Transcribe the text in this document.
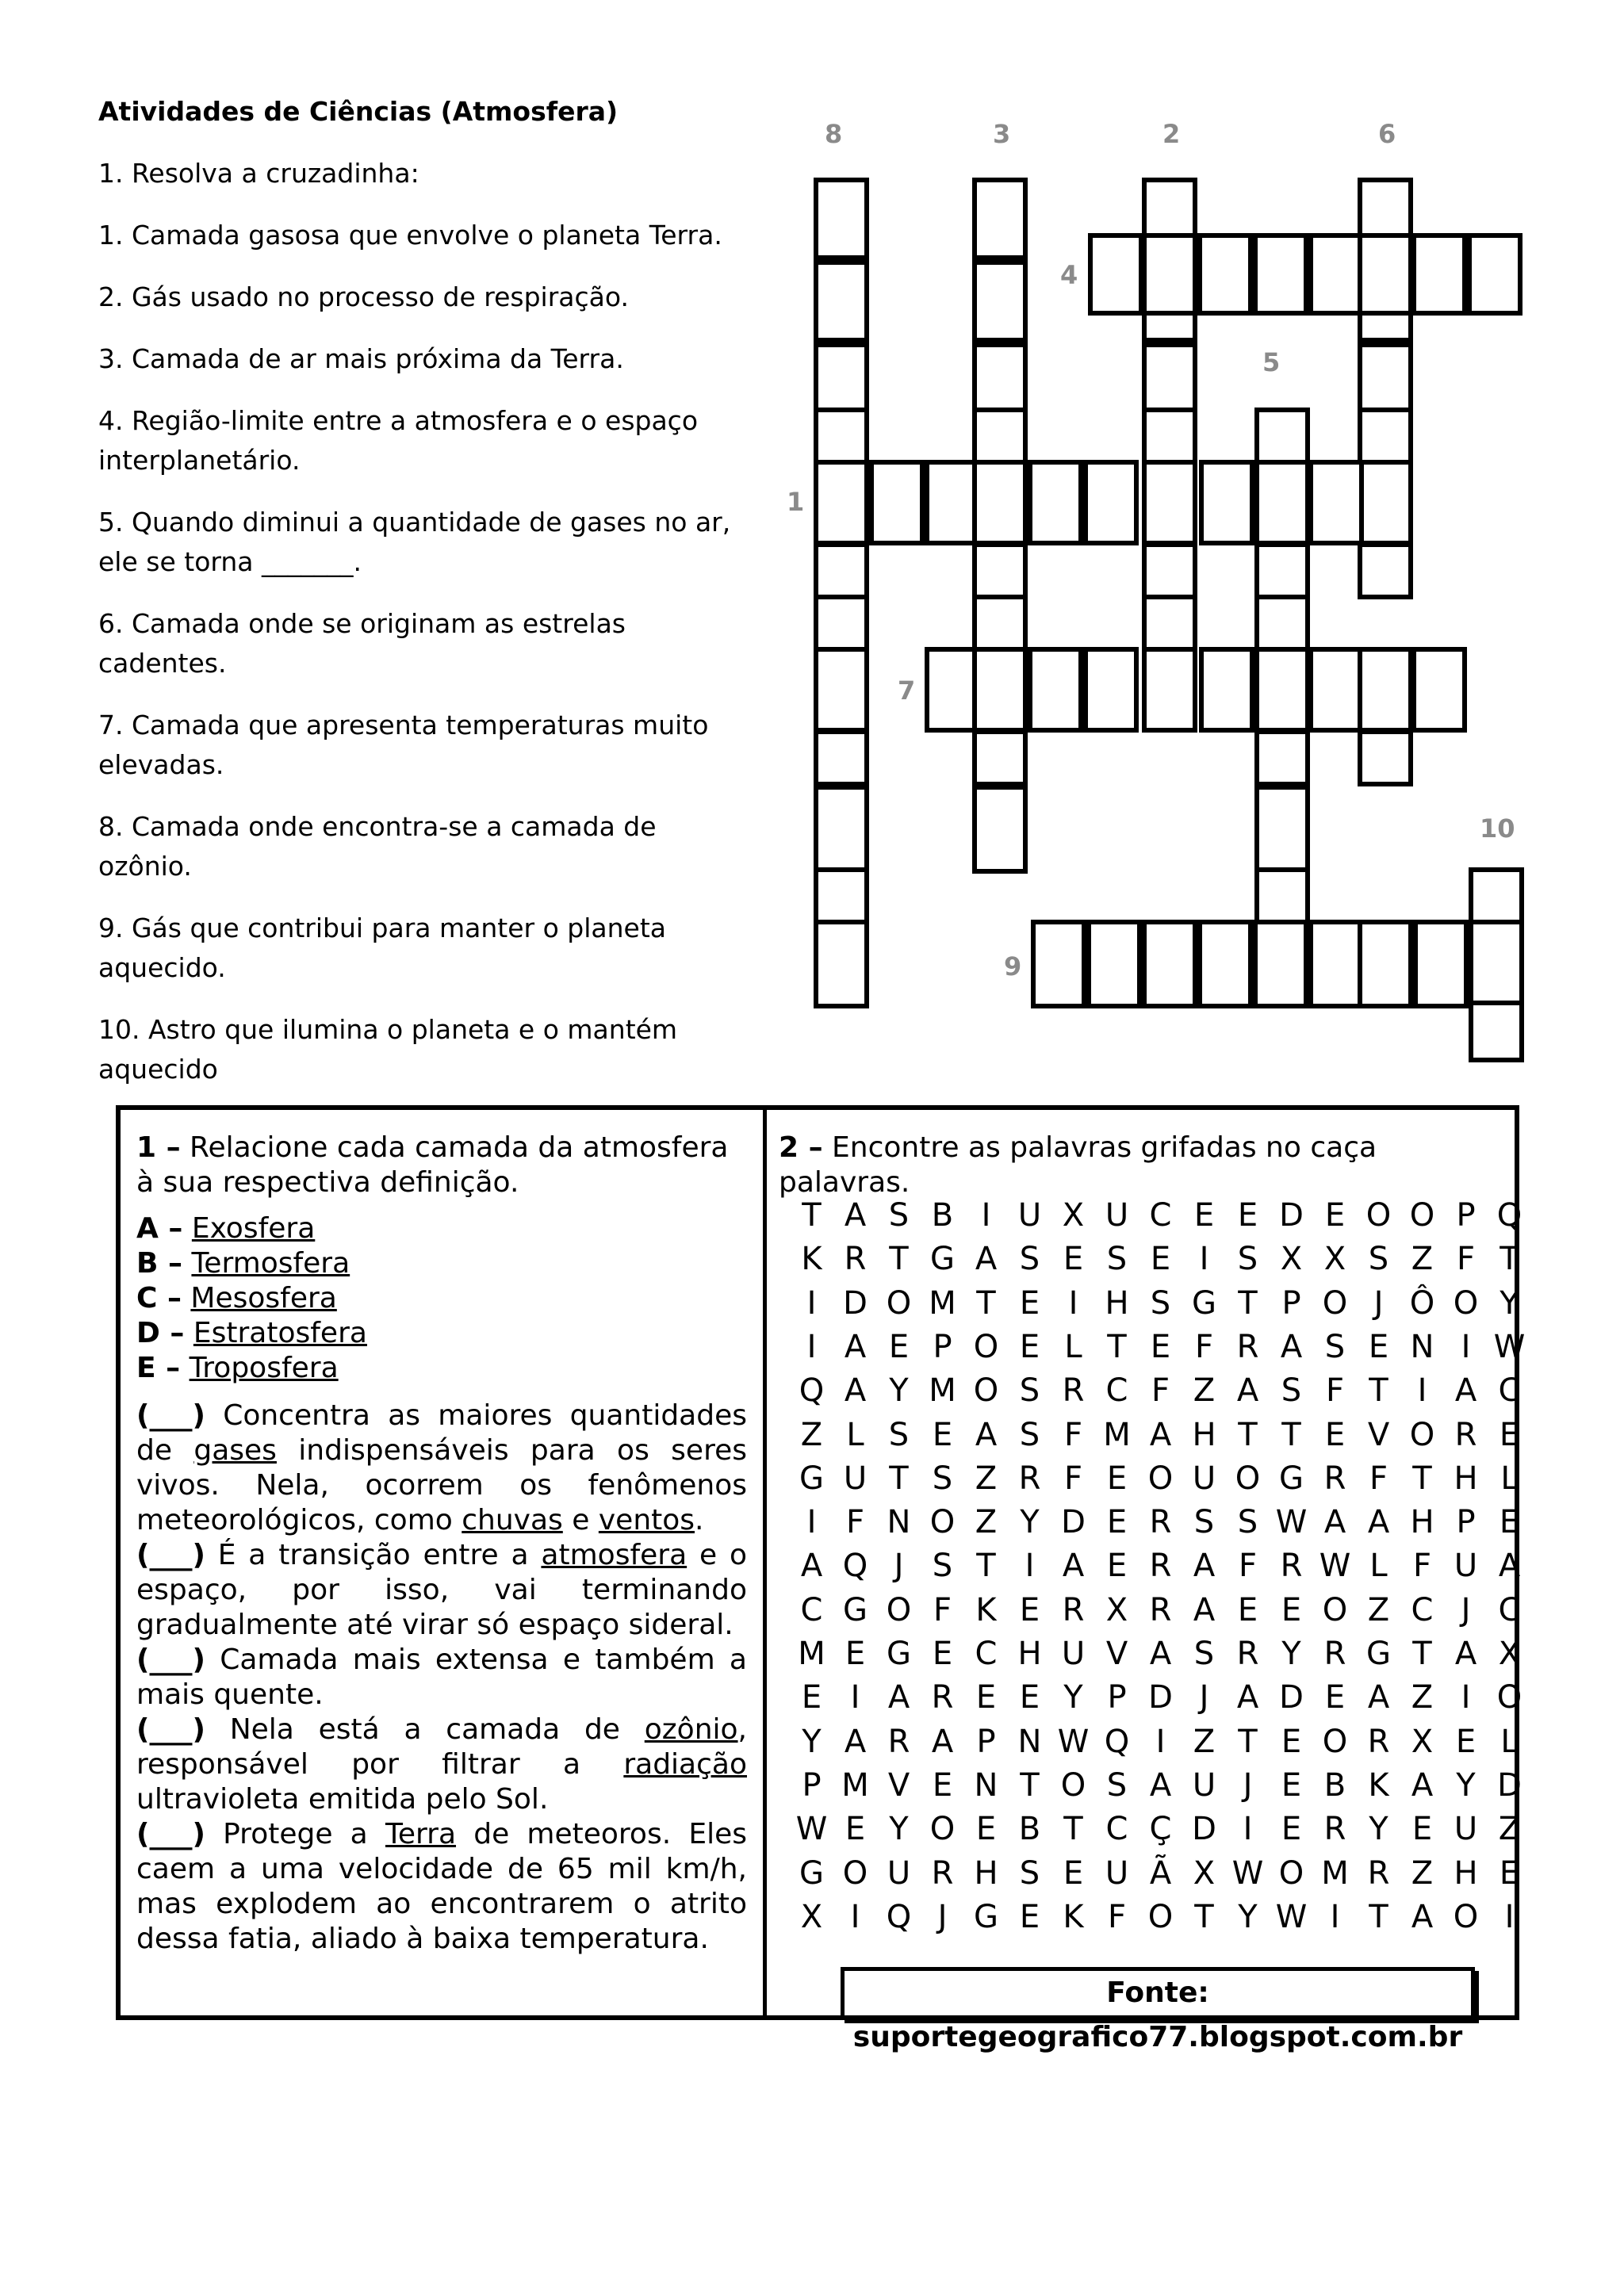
Atividades de Ciências (Atmosfera)

1. Resolva a cruzadinha:

1. Camada gasosa que envolve o planeta Terra.

2. Gás usado no processo de respiração.

3. Camada de ar mais próxima da Terra.

4. Região-limite entre a atmosfera e o espaço interplanetário.

5. Quando diminui a quantidade de gases no ar, ele se torna _______.

6. Camada onde se originam as estrelas cadentes.

7. Camada que apresenta temperaturas muito elevadas.

8. Camada onde encontra-se a camada de ozônio.

9. Gás que contribui para manter o planeta aquecido.

10. Astro que ilumina o planeta e o mantém aquecido

8	3	2	6
4
5
1
7
10
9

1 – Relacione cada camada da atmosfera à sua respectiva definição.

A – Exosfera

B – Termosfera

C – Mesosfera

D – Estratosfera

E – Troposfera

(___) Concentra as maiores quantidades de gases indispensáveis para os seres vivos. Nela, ocorrem os fenômenos meteorológicos, como chuvas e ventos.

(___) É a transição entre a atmosfera e o espaço, por isso, vai terminando gradualmente até virar só espaço sideral.

(___) Camada mais extensa e também a mais quente.

(___) Nela está a camada de ozônio, responsável por filtrar a radiação ultravioleta emitida pelo Sol.

(___) Protege a Terra de meteoros. Eles caem a uma velocidade de 65 mil km/h, mas explodem ao encontrarem o atrito dessa fatia, aliado à baixa temperatura.

2 – Encontre as palavras grifadas no caça palavras.

T A S B I U X U C E E D E O O P Q
K R T G A S E S E I S X X S Z F T
I D O M T E I H S G T P O J Ô O Y
I A E P O E L T E F R A S E N I W
Q A Y M O S R C F Z A S F T I A C
Z L S E A S F M A H T T E V O R E
G U T S Z R F E O U O G R F T H L
I F N O Z Y D E R S S W A A H P E
A Q J S T I A E R A F R W L F U A
C G O F K E R X R A E E O Z C J C
M E G E C H U V A S R Y R G T A X
E I A R E E Y P D J A D E A Z I O
Y A R A P N W Q I Z T E O R X E L
P M V E N T O S A U J E B K A Y D
W E Y O E B T C Ç D I E R Y E U Z
G O U R H S E U Ã X W O M R Z H E
X I Q J G E K F O T Y W I T A O I
Fonte: suportegeografico77.blogspot.com.br
